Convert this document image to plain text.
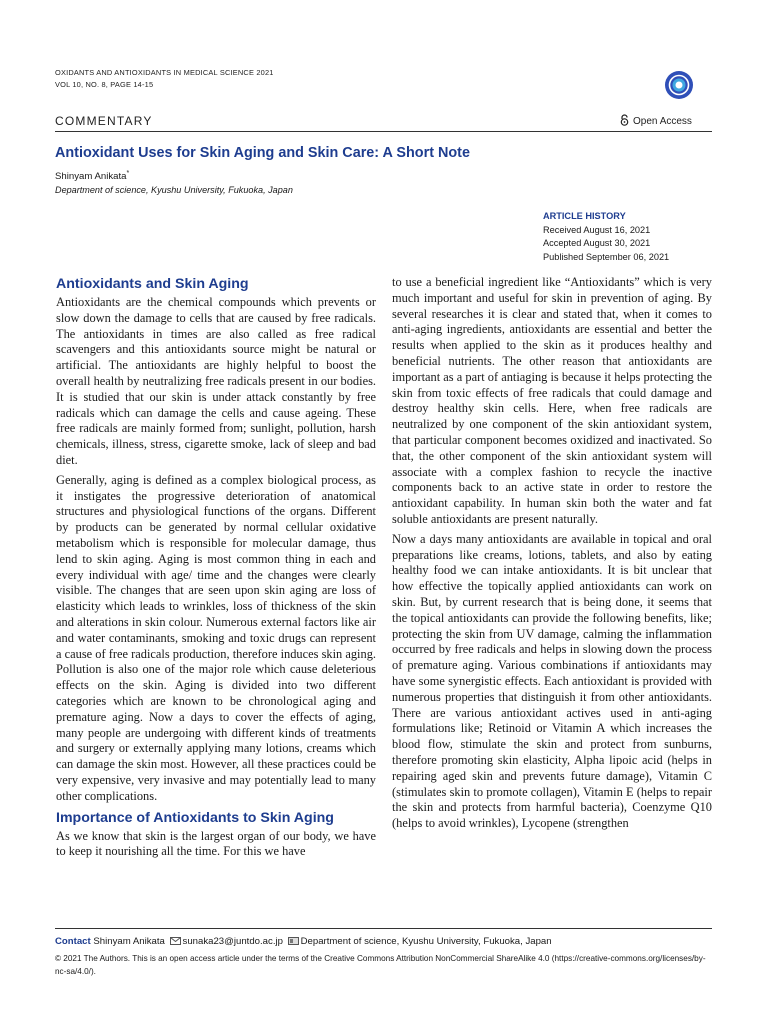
OXIDANTS AND ANTIOXIDANTS IN MEDICAL SCIENCE 2021
VOL 10, NO. 8, PAGE 14-15
COMMENTARY	Open Access
Antioxidant Uses for Skin Aging and Skin Care: A Short Note
Shinyam Anikata*
Department of science, Kyushu University, Fukuoka, Japan
ARTICLE HISTORY
Received August 16, 2021
Accepted August 30, 2021
Published September 06, 2021
Antioxidants and Skin Aging

Antioxidants are the chemical compounds which prevents or slow down the damage to cells that are caused by free radicals. The antioxidants in times are also called as free radical scavengers and this antioxidants source might be natural or artificial. The antioxidants are highly helpful to boost the overall health by neutralizing free radicals present in our bodies. It is studied that our skin is under attack constantly by free radicals which can damage the cells and cause ageing. These free radicals are mainly formed from; sunlight, pollution, harsh chemicals, illness, stress, cigarette smoke, lack of sleep and bad diet.

Generally, aging is defined as a complex biological process, as it instigates the progressive deterioration of anatomical structures and physiological functions of the organs. Different by products can be generated by normal cellular oxidative metabolism which is responsible for molecular damage, thus lend to skin aging. Aging is most common thing in each and every individual with age/ time and the changes were clearly visible. The changes that are seen upon skin aging are loss of elasticity which leads to wrinkles, loss of thickness of the skin and alterations in skin colour. Numerous external factors like air and water contaminants, smoking and toxic drugs can represent a cause of free radicals production, therefore induces skin aging. Pollution is also one of the major role which cause deleterious effects on the skin. Aging is divided into two different categories which are known to be chronological aging and premature aging. Now a days to cover the effects of aging, many people are undergoing with different kinds of treatments and surgery or externally applying many lotions, creams which can damage the skin most. However, all these practices could be very expensive, very invasive and may potentially lead to many other complications.

Importance of Antioxidants to Skin Aging

As we know that skin is the largest organ of our body, we have to keep it nourishing all the time. For this we have

to use a beneficial ingredient like “Antioxidants” which is very much important and useful for skin in prevention of aging. By several researches it is clear and stated that, when it comes to anti-aging ingredients, antioxidants are essential and better the results when applied to the skin as it produces healthy and beneficial nutrients. The other reason that antioxidants are important as a part of antiaging is because it helps protecting the skin from toxic effects of free radicals that could damage and destroy healthy skin cells. Here, when free radicals are neutralized by one component of the skin antioxidant system, that particular component becomes oxidized and inactivated. So that, the other component of the skin antioxidant system will associate with a complex fashion to recycle the inactive components back to an active state in order to restore the antioxidant capability. In human skin both the water and fat soluble antioxidants are present naturally.

Now a days many antioxidants are available in topical and oral preparations like creams, lotions, tablets, and also by eating healthy food we can intake antioxidants. It is bit unclear that how effective the topically applied antioxidants can work on skin. But, by current research that is being done, it seems that the topical antioxidants can provide the following benefits, like; protecting the skin from UV damage, calming the inflammation occurred by free radicals and helps in slowing down the process of premature aging. Various combinations if antioxidants may have some synergistic effects. Each antioxidant is provided with numerous properties that distinguish it from other antioxidants. There are various antioxidant actives used in anti-aging formulations like; Retinoid or Vitamin A which increases the blood flow, stimulate the skin and protect from sunburns, therefore promoting skin elasticity, Alpha lipoic acid (helps in repairing aged skin and prevents future damage), Vitamin C (stimulates skin to promote collagen), Vitamin E (helps to repair the skin and protects from harmful bacteria), Coenzyme Q10 (helps to avoid wrinkles), Lycopene (strengthen

Contact Shinyam Anikata sunaka23@juntdo.ac.jp Department of science, Kyushu University, Fukuoka, Japan
© 2021 The Authors. This is an open access article under the terms of the Creative Commons Attribution NonCommercial ShareAlike 4.0 (https://creative-commons.org/licenses/by-nc-sa/4.0/).
